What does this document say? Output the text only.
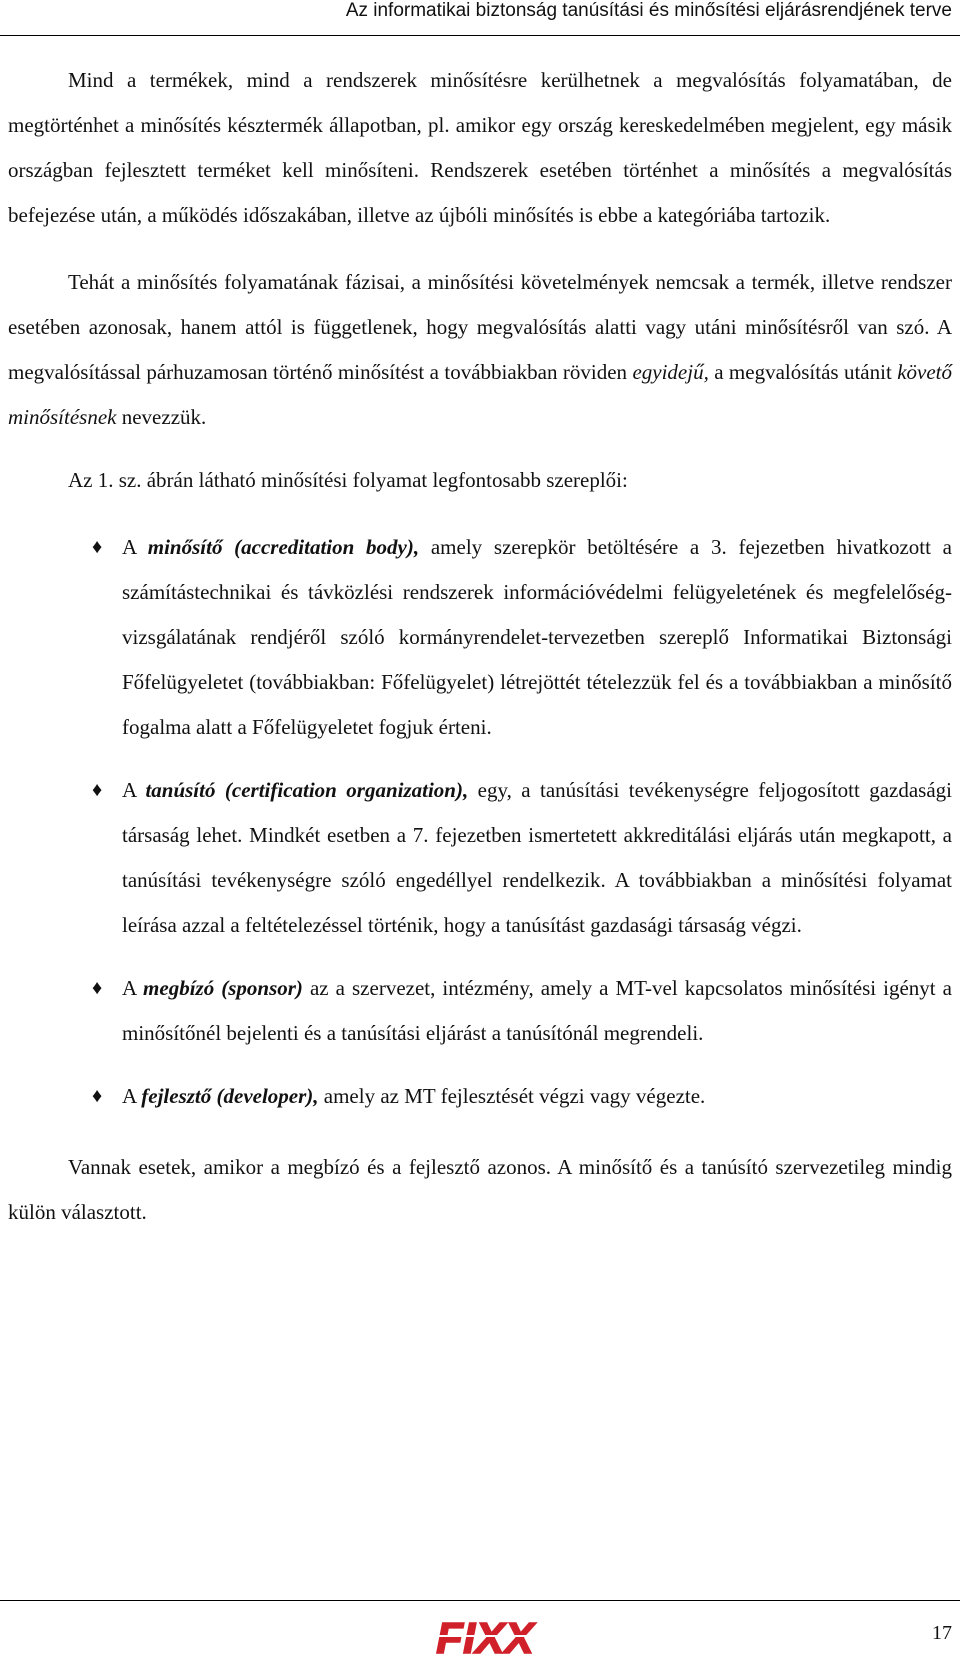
Az informatikai biztonság tanúsítási és minősítési eljárásrendjének terve

Mind a termékek, mind a rendszerek minősítésre kerülhetnek a megvalósítás folyamatában, de megtörténhet a minősítés késztermék állapotban, pl. amikor egy ország kereskedelmében megjelent, egy másik országban fejlesztett terméket kell minősíteni. Rendszerek esetében történhet a minősítés a megvalósítás befejezése után, a működés időszakában, illetve az újbóli minősítés is ebbe a kategóriába tartozik.

Tehát a minősítés folyamatának fázisai, a minősítési követelmények nemcsak a termék, illetve rendszer esetében azonosak, hanem attól is függetlenek, hogy megvalósítás alatti vagy utáni minősítésről van szó. A megvalósítással párhuzamosan történő minősítést a továbbiakban röviden egyidejű, a megvalósítás utánit követő minősítésnek nevezzük.

Az 1. sz. ábrán látható minősítési folyamat legfontosabb szereplői:

♦ A minősítő (accreditation body), amely szerepkör betöltésére a 3. fejezetben hivatkozott a számítástechnikai és távközlési rendszerek információvédelmi felügyeletének és megfelelőség-vizsgálatának rendjéről szóló kormányrendelet-tervezetben szereplő Informatikai Biztonsági Főfelügyeletet (továbbiakban: Főfelügyelet) létrejöttét tételezzük fel és a továbbiakban a minősítő fogalma alatt a Főfelügyeletet fogjuk érteni.
♦ A tanúsító (certification organization), egy, a tanúsítási tevékenységre feljogosított gazdasági társaság lehet. Mindkét esetben a 7. fejezetben ismertetett akkreditálási eljárás után megkapott, a tanúsítási tevékenységre szóló engedéllyel rendelkezik. A továbbiakban a minősítési folyamat leírása azzal a feltételezéssel történik, hogy a tanúsítást gazdasági társaság végzi.
♦ A megbízó (sponsor) az a szervezet, intézmény, amely a MT-vel kapcsolatos minősítési igényt a minősítőnél bejelenti és a tanúsítási eljárást a tanúsítónál megrendeli.
♦ A fejlesztő (developer), amely az MT fejlesztését végzi vagy végezte.

Vannak esetek, amikor a megbízó és a fejlesztő azonos. A minősítő és a tanúsító szervezetileg mindig külön választott.

FIXX	17
